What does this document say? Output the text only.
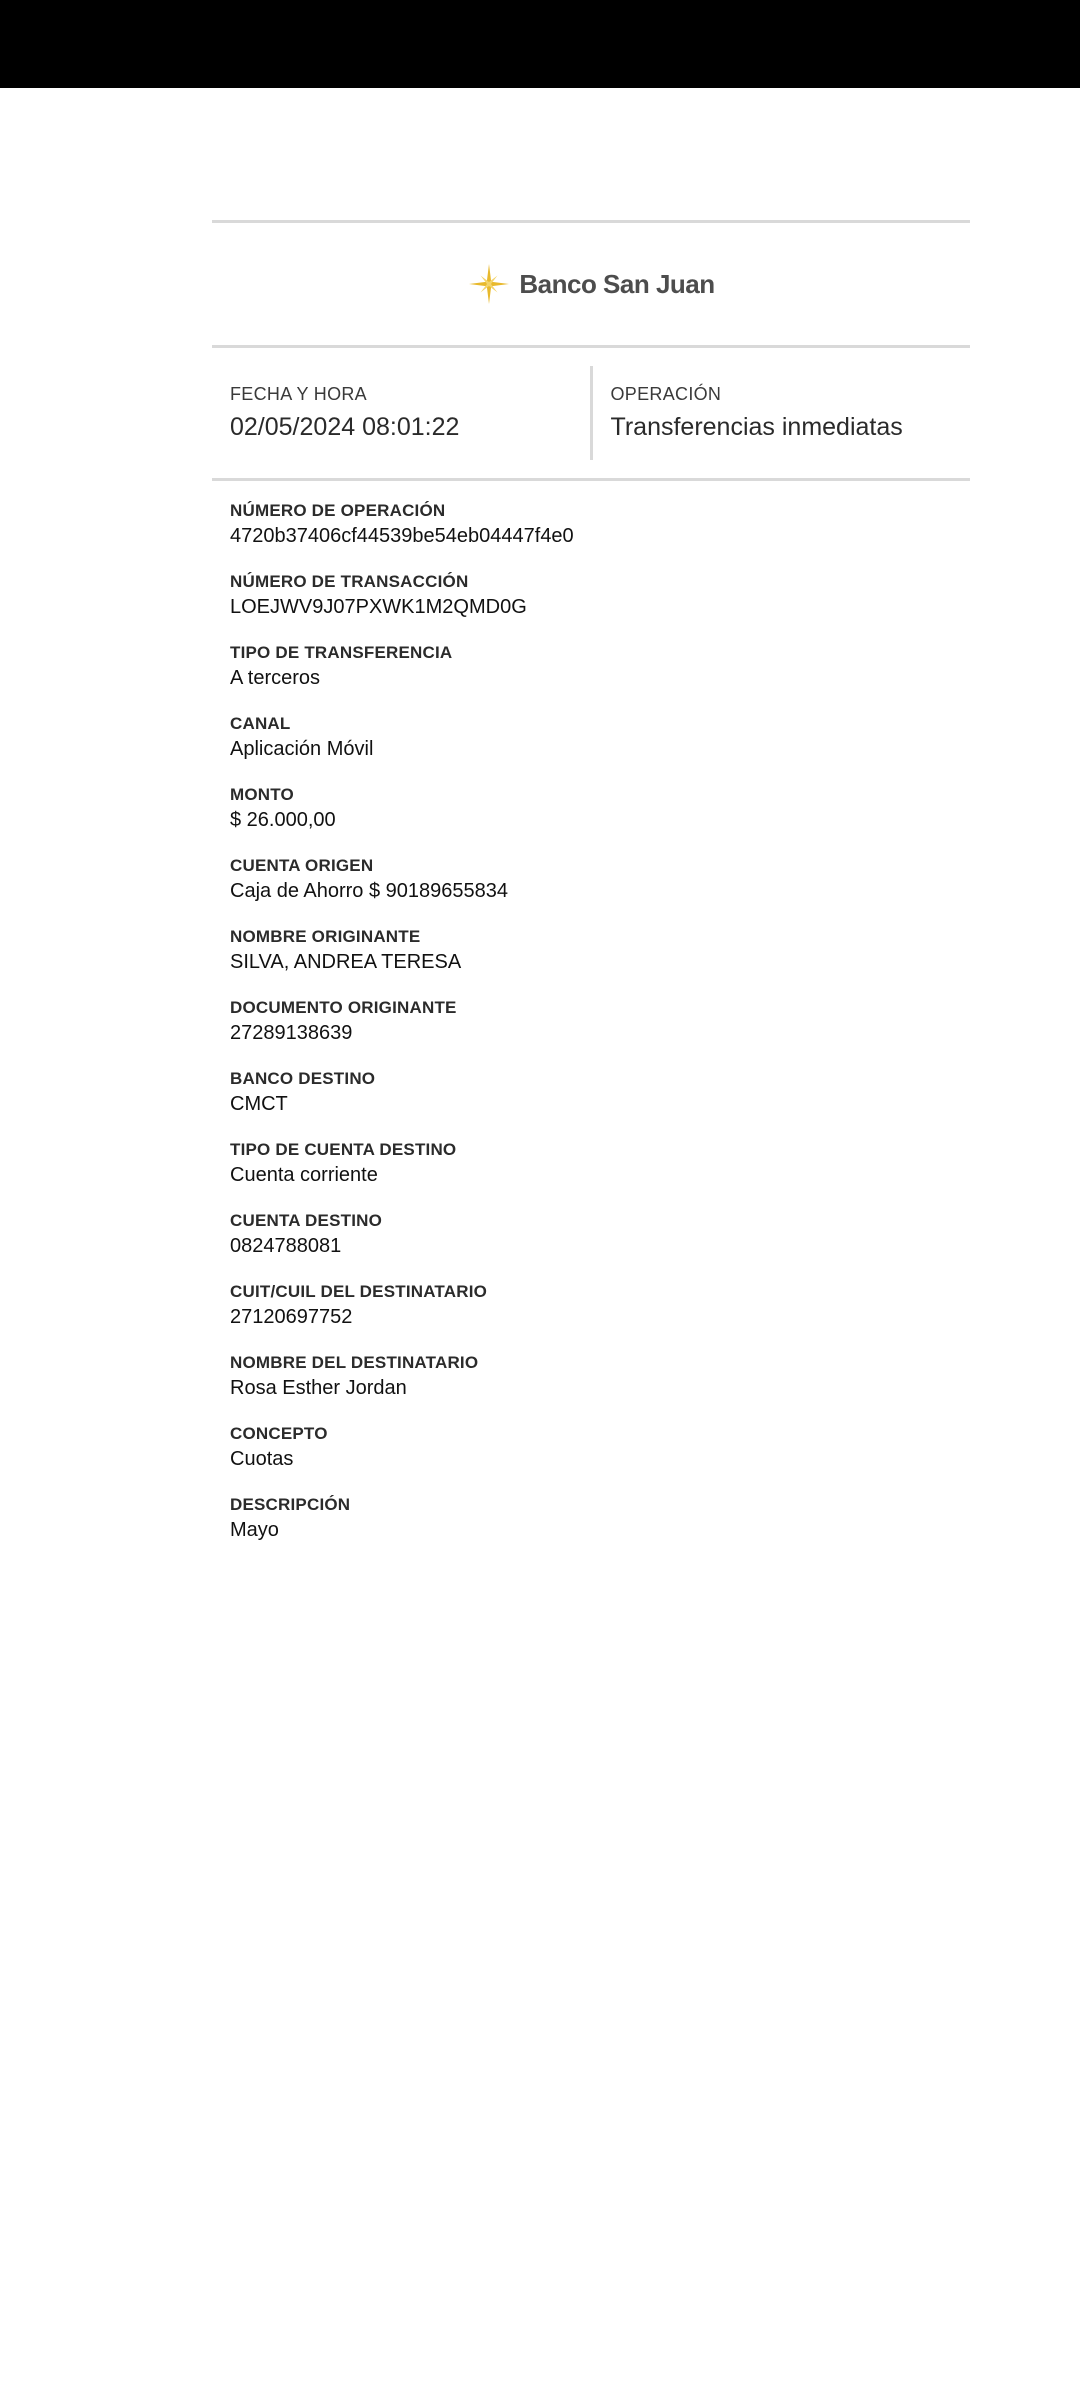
Banco San Juan
FECHA Y HORA
02/05/2024 08:01:22
OPERACIÓN
Transferencias inmediatas
NÚMERO DE OPERACIÓN
4720b37406cf44539be54eb04447f4e0
NÚMERO DE TRANSACCIÓN
LOEJWV9J07PXWK1M2QMD0G
TIPO DE TRANSFERENCIA
A terceros
CANAL
Aplicación Móvil
MONTO
$ 26.000,00
CUENTA ORIGEN
Caja de Ahorro $ 90189655834
NOMBRE ORIGINANTE
SILVA, ANDREA TERESA
DOCUMENTO ORIGINANTE
27289138639
BANCO DESTINO
CMCT
TIPO DE CUENTA DESTINO
Cuenta corriente
CUENTA DESTINO
0824788081
CUIT/CUIL DEL DESTINATARIO
27120697752
NOMBRE DEL DESTINATARIO
Rosa Esther Jordan
CONCEPTO
Cuotas
DESCRIPCIÓN
Mayo
